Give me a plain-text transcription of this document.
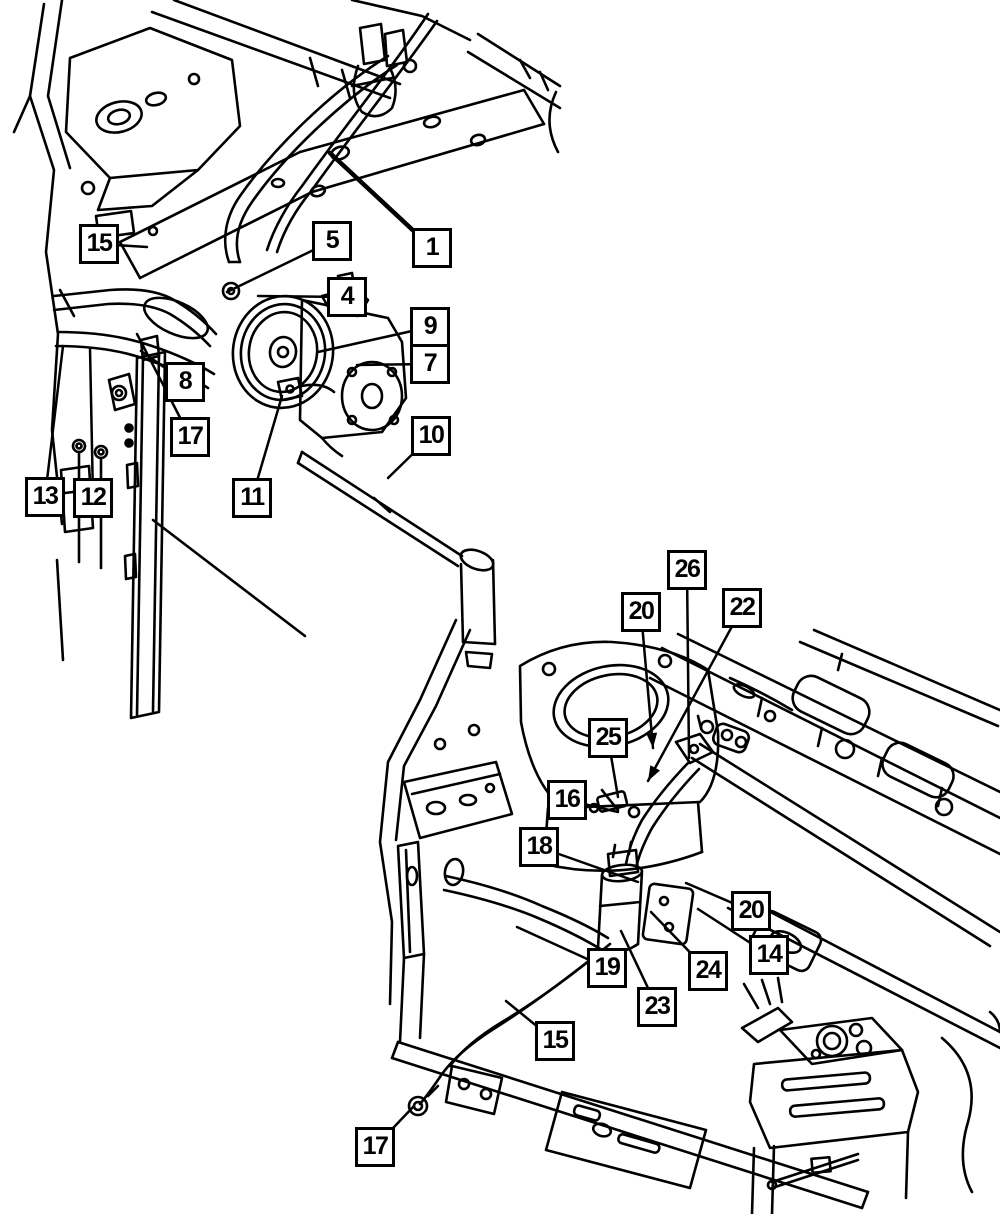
15	5	1
4
9
7
8
17
13 12	11
10
26
20	22
25
16
18
20
14
24
19
23
15
17
